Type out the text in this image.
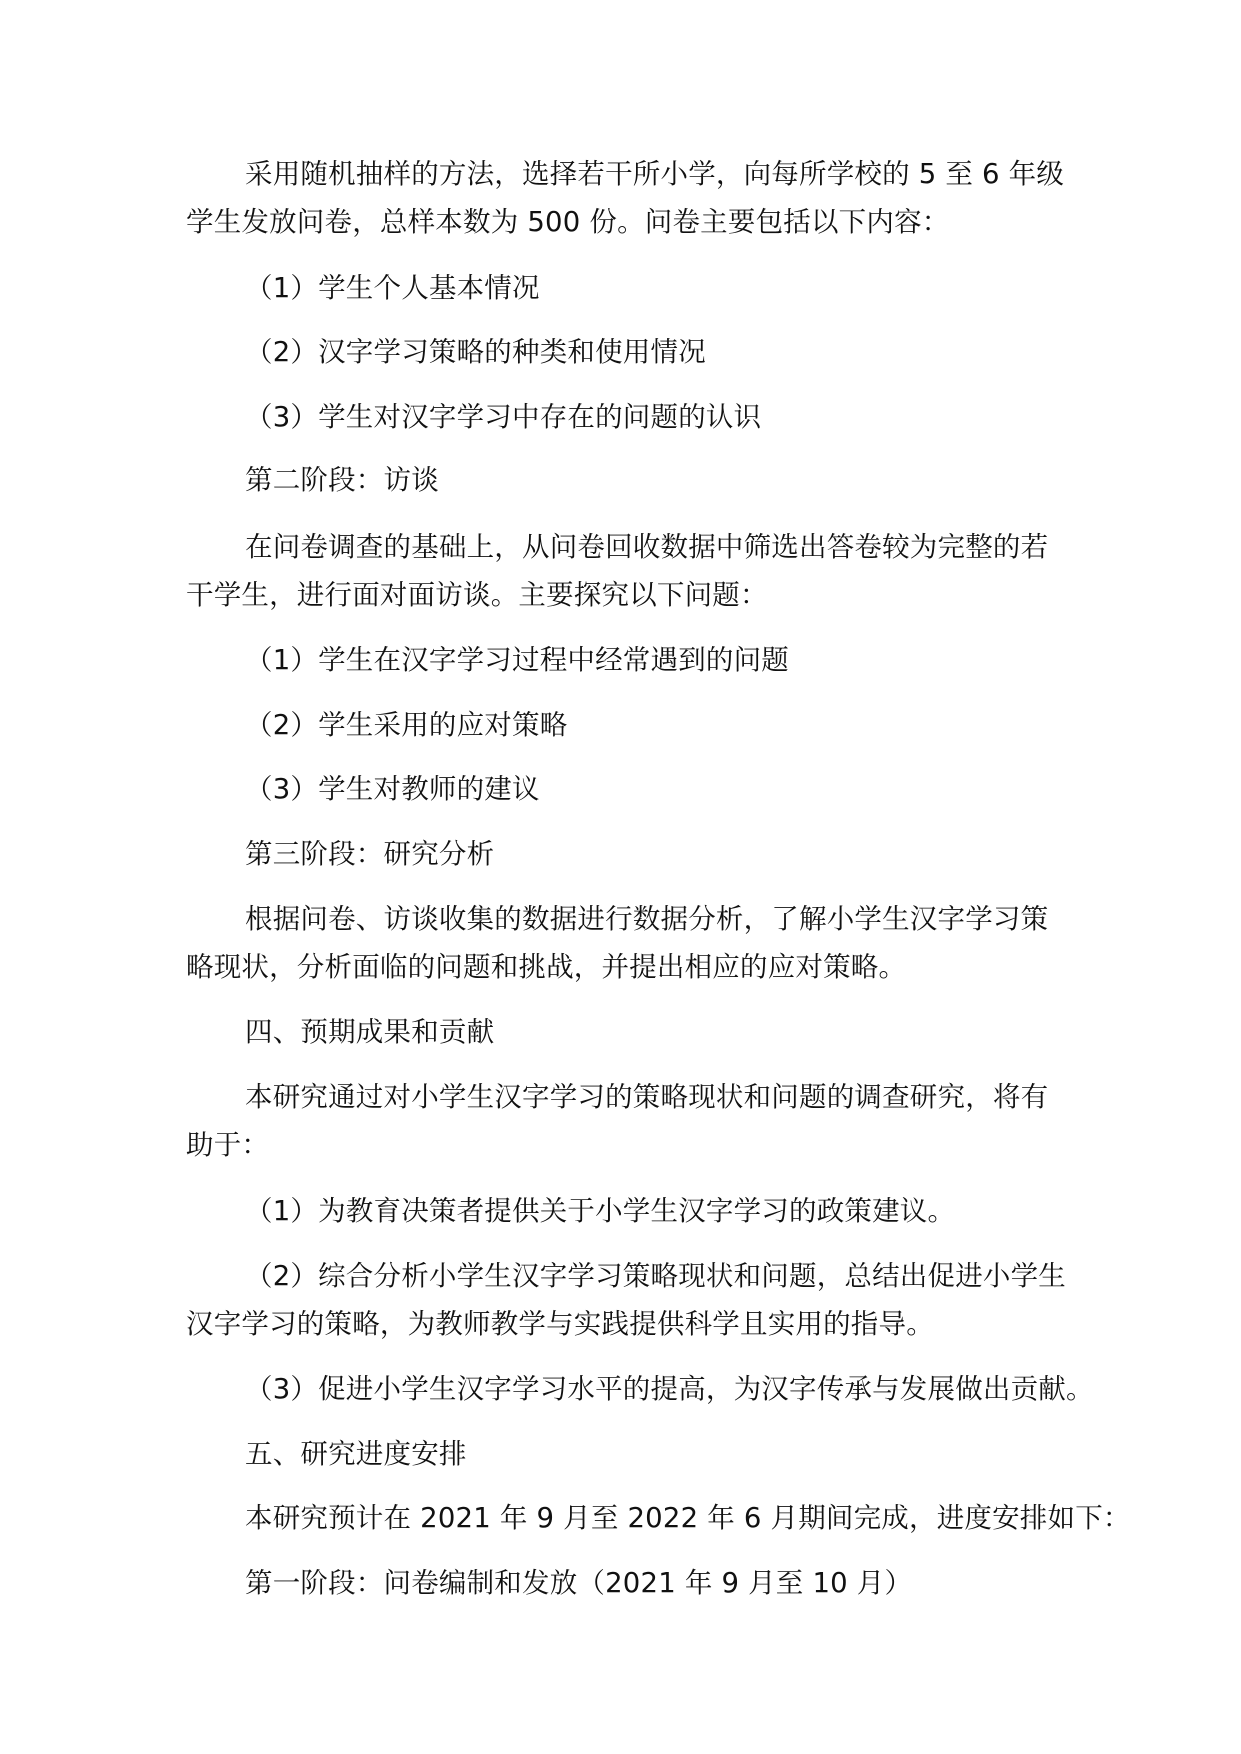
采用随机抽样的方法，选择若干所小学，向每所学校的 5 至 6 年级
学生发放问卷，总样本数为 500 份。问卷主要包括以下内容：
（1）学生个人基本情况
（2）汉字学习策略的种类和使用情况
（3）学生对汉字学习中存在的问题的认识
第二阶段：访谈
在问卷调查的基础上，从问卷回收数据中筛选出答卷较为完整的若
干学生，进行面对面访谈。主要探究以下问题：
（1）学生在汉字学习过程中经常遇到的问题
（2）学生采用的应对策略
（3）学生对教师的建议
第三阶段：研究分析
根据问卷、访谈收集的数据进行数据分析，了解小学生汉字学习策
略现状，分析面临的问题和挑战，并提出相应的应对策略。
四、预期成果和贡献
本研究通过对小学生汉字学习的策略现状和问题的调查研究，将有
助于：
（1）为教育决策者提供关于小学生汉字学习的政策建议。
（2）综合分析小学生汉字学习策略现状和问题，总结出促进小学生
汉字学习的策略，为教师教学与实践提供科学且实用的指导。
（3）促进小学生汉字学习水平的提高，为汉字传承与发展做出贡献。
五、研究进度安排
本研究预计在 2021 年 9 月至 2022 年 6 月期间完成，进度安排如下：
第一阶段：问卷编制和发放（2021 年 9 月至 10 月）
